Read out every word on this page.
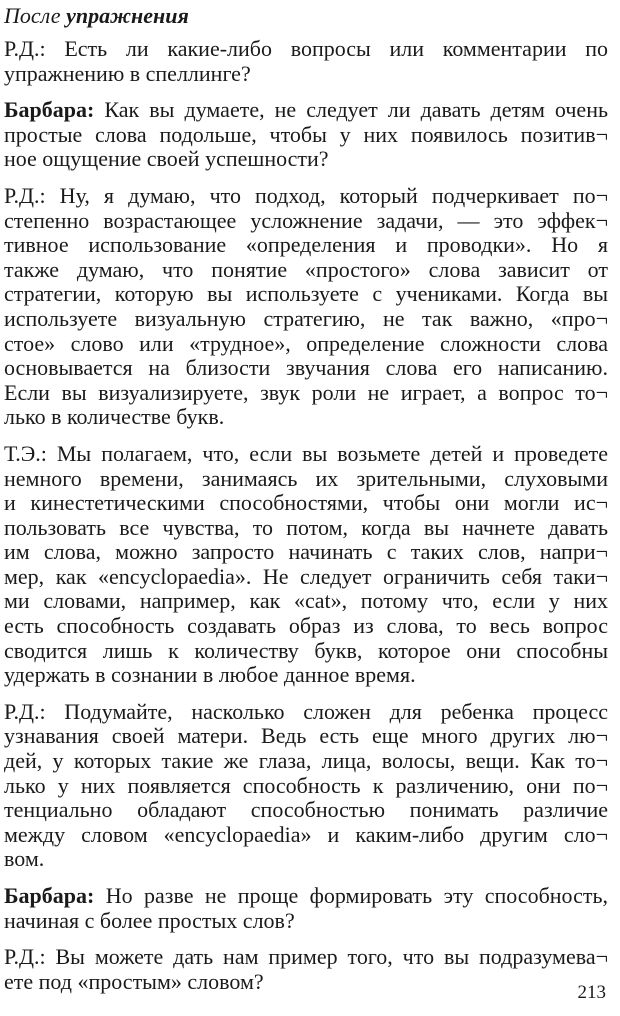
После упражнения
Р.Д.: Есть ли какие-либо вопросы или комментарии по
упражнению в спеллинге?
Барбара: Как вы думаете, не следует ли давать детям очень
простые слова подольше, чтобы у них появилось позитив¬
ное ощущение своей успешности?
Р.Д.: Ну, я думаю, что подход, который подчеркивает по¬
степенно возрастающее усложнение задачи, — это эффек¬
тивное использование «определения и проводки». Но я
также думаю, что понятие «простого» слова зависит от
стратегии, которую вы используете с учениками. Когда вы
используете визуальную стратегию, не так важно, «про¬
стое» слово или «трудное», определение сложности слова
основывается на близости звучания слова его написанию.
Если вы визуализируете, звук роли не играет, а вопрос то¬
лько в количестве букв.
Т.Э.: Мы полагаем, что, если вы возьмете детей и проведете
немного времени, занимаясь их зрительными, слуховыми
и кинестетическими способностями, чтобы они могли ис¬
пользовать все чувства, то потом, когда вы начнете давать
им слова, можно запросто начинать с таких слов, напри¬
мер, как «encyclopaedia». Не следует ограничить себя таки¬
ми словами, например, как «cat», потому что, если у них
есть способность создавать образ из слова, то весь вопрос
сводится лишь к количеству букв, которое они способны
удержать в сознании в любое данное время.
Р.Д.: Подумайте, насколько сложен для ребенка процесс
узнавания своей матери. Ведь есть еще много других лю¬
дей, у которых такие же глаза, лица, волосы, вещи. Как то¬
лько у них появляется способность к различению, они по¬
тенциально обладают способностью понимать различие
между словом «encyclopaedia» и каким-либо другим сло¬
вом.
Барбара: Но разве не проще формировать эту способность,
начиная с более простых слов?
Р.Д.: Вы можете дать нам пример того, что вы подразумева¬
ете под «простым» словом?	213
